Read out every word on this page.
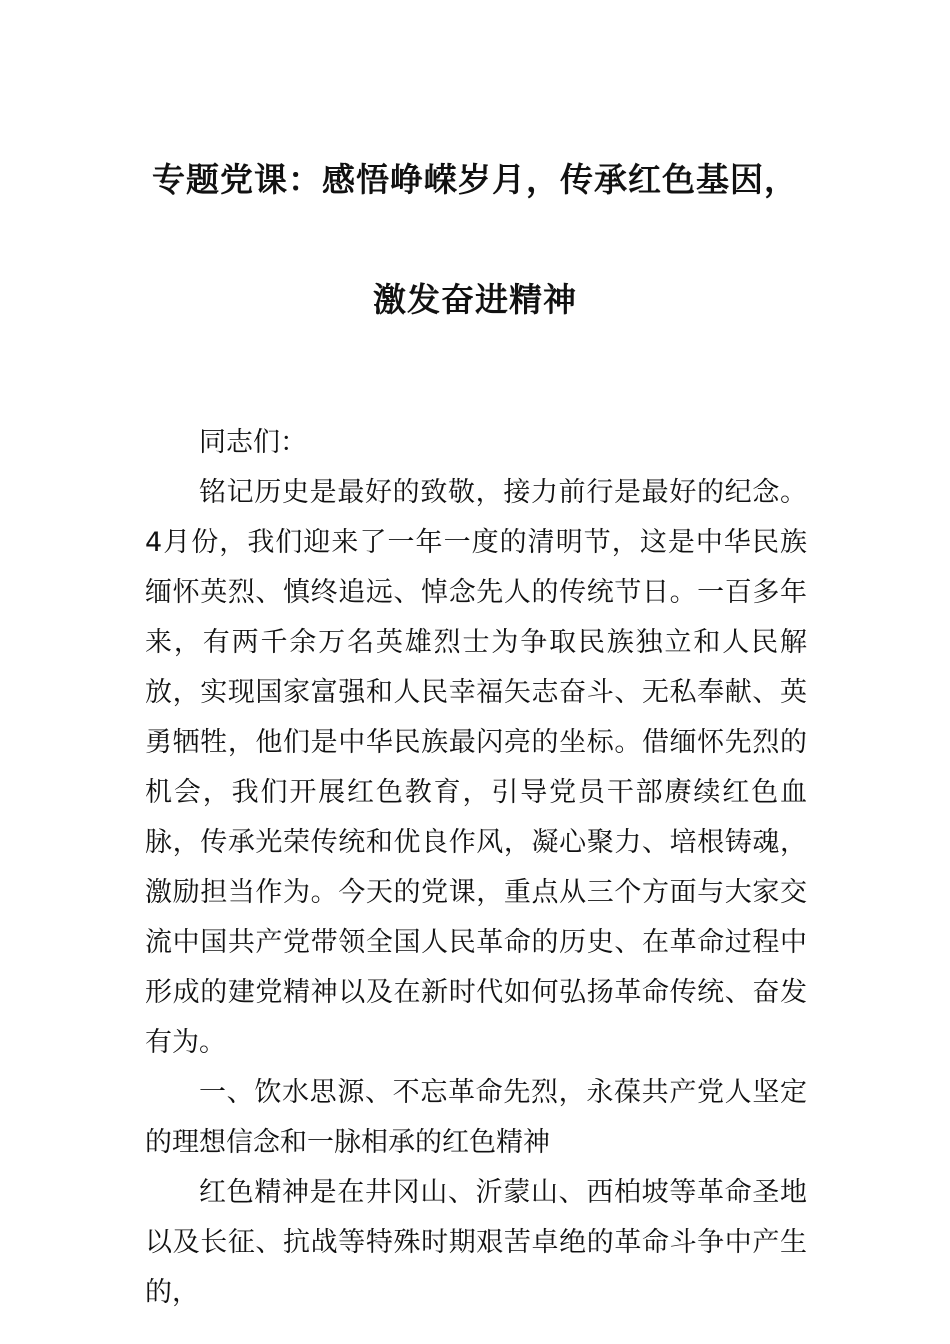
专题党课：感悟峥嵘岁月，传承红色基因，
激发奋进精神

同志们：

铭记历史是最好的致敬，接力前行是最好的纪念。4月份，我们迎来了一年一度的清明节，这是中华民族缅怀英烈、慎终追远、悼念先人的传统节日。一百多年来，有两千余万名英雄烈士为争取民族独立和人民解放，实现国家富强和人民幸福矢志奋斗、无私奉献、英勇牺牲，他们是中华民族最闪亮的坐标。借缅怀先烈的机会，我们开展红色教育，引导党员干部赓续红色血脉，传承光荣传统和优良作风，凝心聚力、培根铸魂，激励担当作为。今天的党课，重点从三个方面与大家交流中国共产党带领全国人民革命的历史、在革命过程中形成的建党精神以及在新时代如何弘扬革命传统、奋发有为。

一、饮水思源、不忘革命先烈，永葆共产党人坚定的理想信念和一脉相承的红色精神

红色精神是在井冈山、沂蒙山、西柏坡等革命圣地以及长征、抗战等特殊时期艰苦卓绝的革命斗争中产生的，
